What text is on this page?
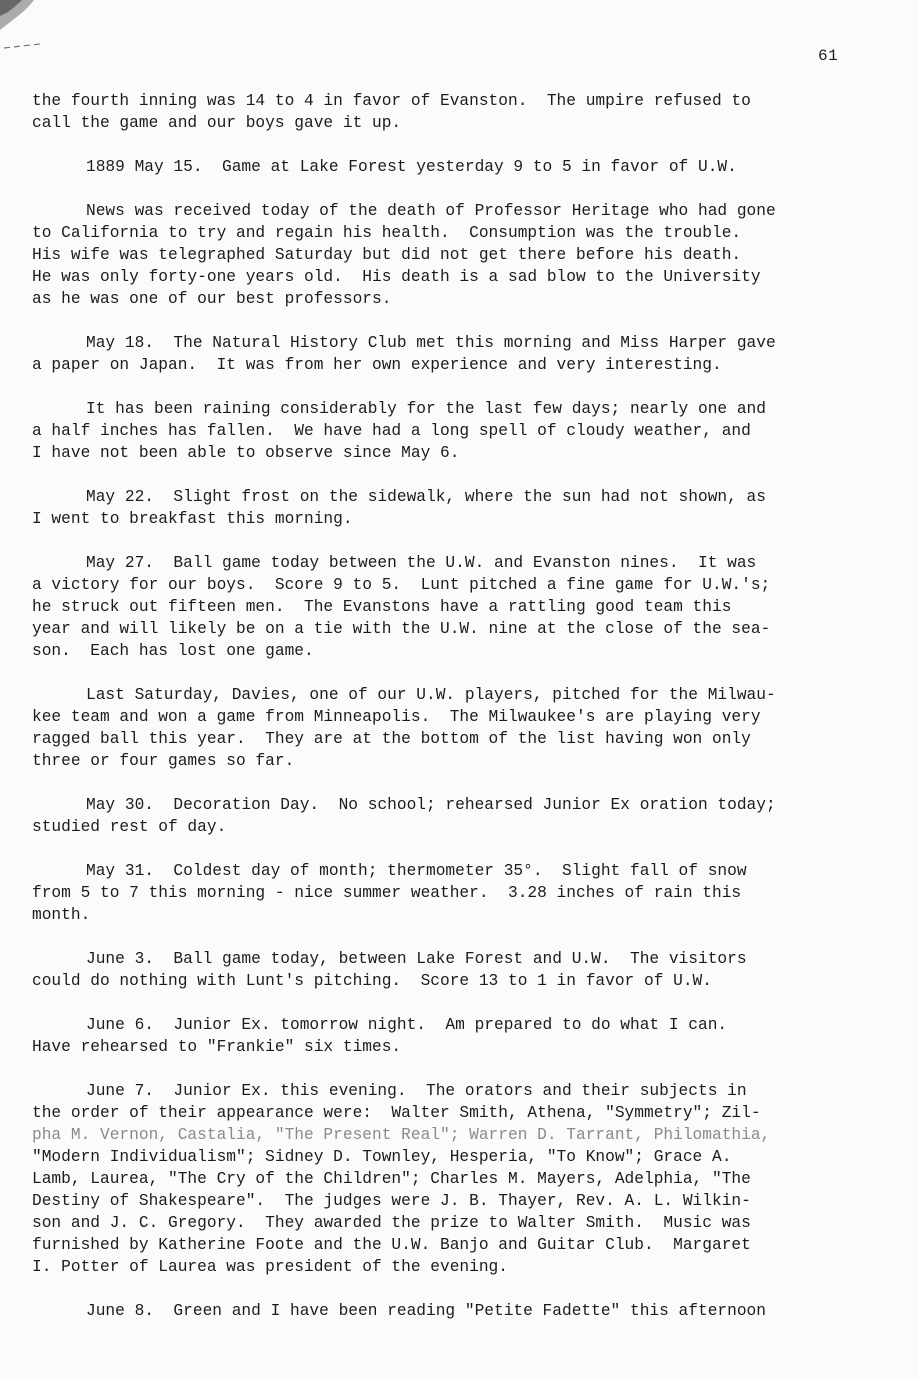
61
the fourth inning was 14 to 4 in favor of Evanston.  The umpire refused to
call the game and our boys gave it up.
1889 May 15.  Game at Lake Forest yesterday 9 to 5 in favor of U.W.
News was received today of the death of Professor Heritage who had gone
to California to try and regain his health.  Consumption was the trouble.
His wife was telegraphed Saturday but did not get there before his death.
He was only forty-one years old.  His death is a sad blow to the University
as he was one of our best professors.
May 18.  The Natural History Club met this morning and Miss Harper gave
a paper on Japan.  It was from her own experience and very interesting.
It has been raining considerably for the last few days; nearly one and
a half inches has fallen.  We have had a long spell of cloudy weather, and
I have not been able to observe since May 6.
May 22.  Slight frost on the sidewalk, where the sun had not shown, as
I went to breakfast this morning.
May 27.  Ball game today between the U.W. and Evanston nines.  It was
a victory for our boys.  Score 9 to 5.  Lunt pitched a fine game for U.W.'s;
he struck out fifteen men.  The Evanstons have a rattling good team this
year and will likely be on a tie with the U.W. nine at the close of the sea-
son.  Each has lost one game.
Last Saturday, Davies, one of our U.W. players, pitched for the Milwau-
kee team and won a game from Minneapolis.  The Milwaukee's are playing very
ragged ball this year.  They are at the bottom of the list having won only
three or four games so far.
May 30.  Decoration Day.  No school; rehearsed Junior Ex oration today;
studied rest of day.
May 31.  Coldest day of month; thermometer 35°.  Slight fall of snow
from 5 to 7 this morning - nice summer weather.  3.28 inches of rain this
month.
June 3.  Ball game today, between Lake Forest and U.W.  The visitors
could do nothing with Lunt's pitching.  Score 13 to 1 in favor of U.W.
June 6.  Junior Ex. tomorrow night.  Am prepared to do what I can.
Have rehearsed to "Frankie" six times.
June 7.  Junior Ex. this evening.  The orators and their subjects in
the order of their appearance were:  Walter Smith, Athena, "Symmetry"; Zil-
pha M. Vernon, Castalia, "The Present Real"; Warren D. Tarrant, Philomathia,
"Modern Individualism"; Sidney D. Townley, Hesperia, "To Know"; Grace A.
Lamb, Laurea, "The Cry of the Children"; Charles M. Mayers, Adelphia, "The
Destiny of Shakespeare".  The judges were J. B. Thayer, Rev. A. L. Wilkin-
son and J. C. Gregory.  They awarded the prize to Walter Smith.  Music was
furnished by Katherine Foote and the U.W. Banjo and Guitar Club.  Margaret
I. Potter of Laurea was president of the evening.
June 8.  Green and I have been reading "Petite Fadette" this afternoon
